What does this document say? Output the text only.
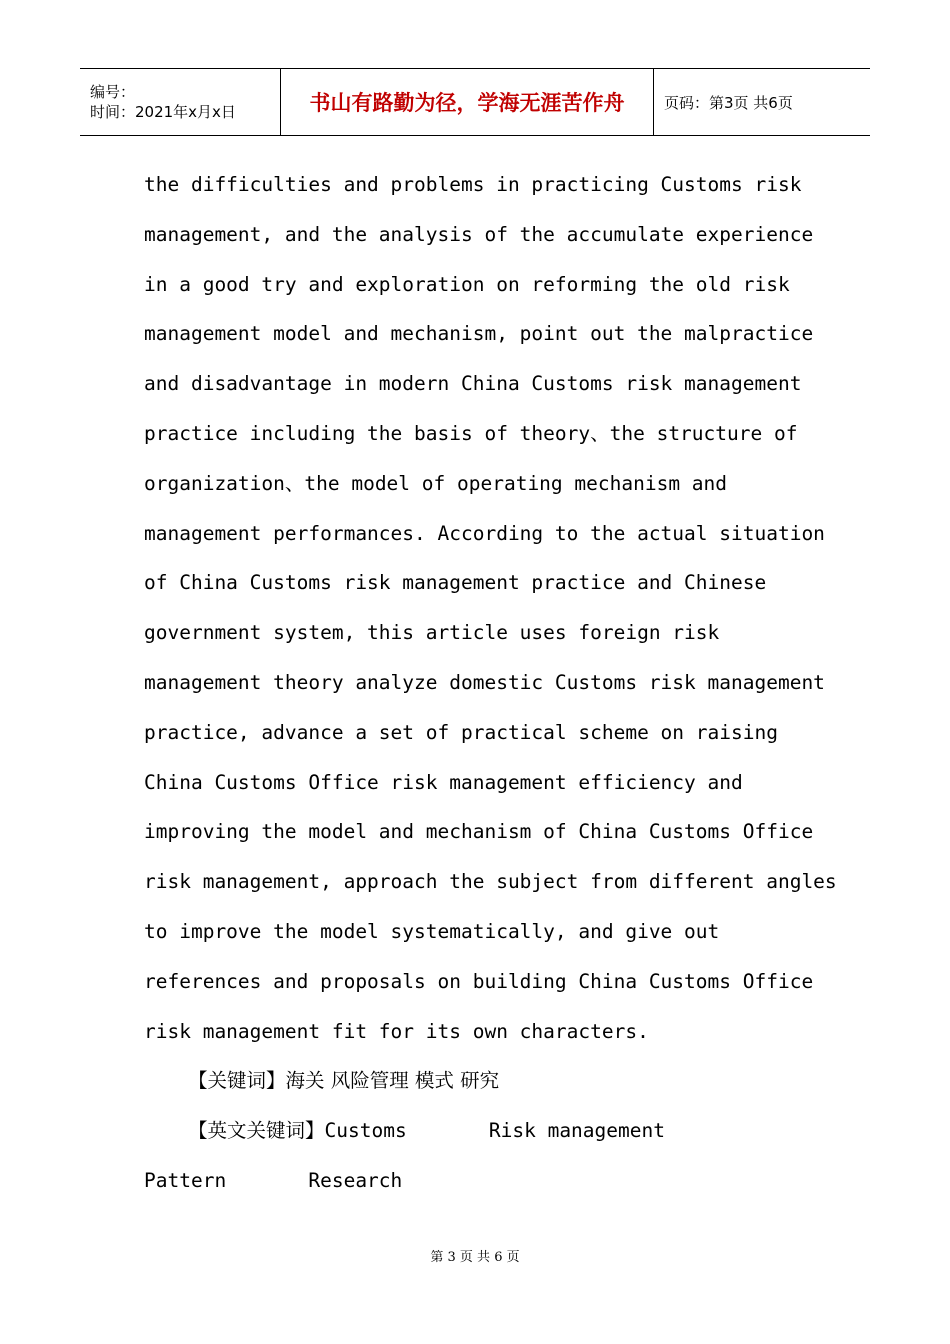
编号：
时间：2021年x月x日	书山有路勤为径，学海无涯苦作舟	页码：第3页 共6页
the difficulties and problems in practicing Customs risk
management, and the analysis of the accumulate experience
in a good try and exploration on reforming the old risk
management model and mechanism, point out the malpractice
and disadvantage in modern China Customs risk management
practice including the basis of theory、the structure of
organization、the model of operating mechanism and
management performances. According to the actual situation
of China Customs risk management practice and Chinese
government system, this article uses foreign risk
management theory analyze domestic Customs risk management
practice, advance a set of practical scheme on raising
China Customs Office risk management efficiency and
improving the model and mechanism of China Customs Office
risk management, approach the subject from different angles
to improve the model systematically, and give out
references and proposals on building China Customs Office
risk management fit for its own characters.
【关键词】海关 风险管理 模式 研究
【英文关键词】Customs       Risk management
Pattern       Research
第 3 页 共 6 页
